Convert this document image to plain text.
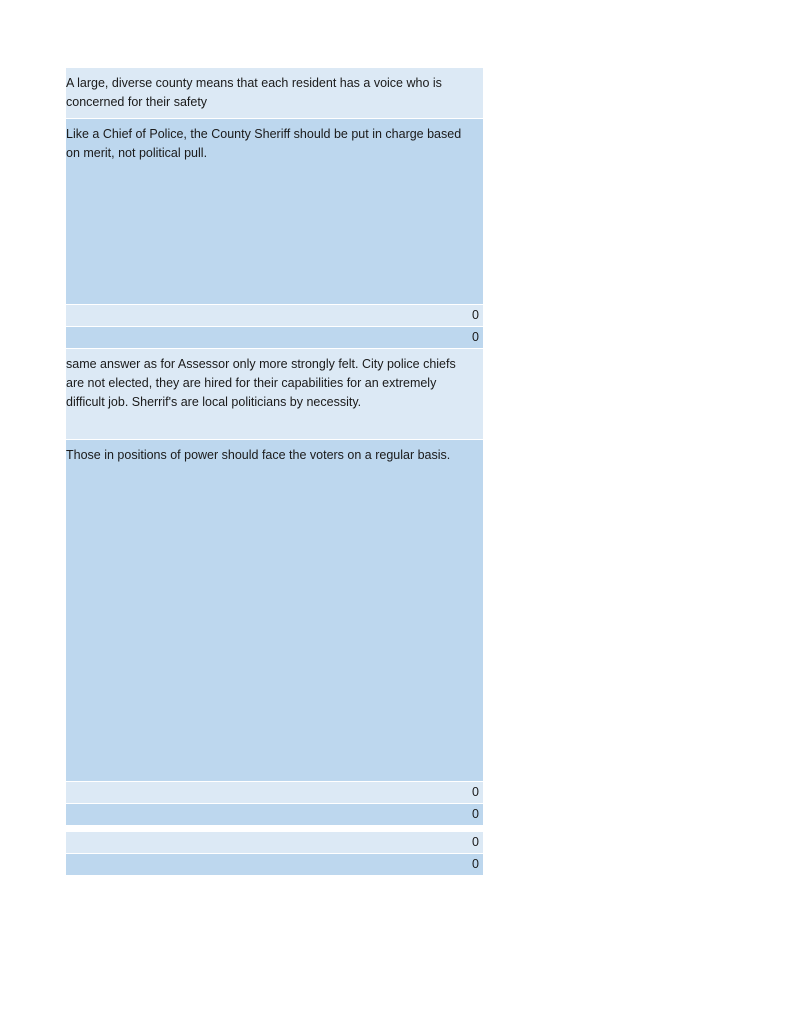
A large, diverse county means that each resident has a voice who is concerned for their safety
Like a Chief of Police, the County Sheriff should be put in charge based on merit, not political pull.
0
0
same answer as for Assessor only more strongly felt. City police chiefs are not elected, they are hired for their capabilities for an extremely difficult job. Sherrif's are local politicians by necessity.
Those in positions of power should face the voters on a regular basis.
0
0
0
0
